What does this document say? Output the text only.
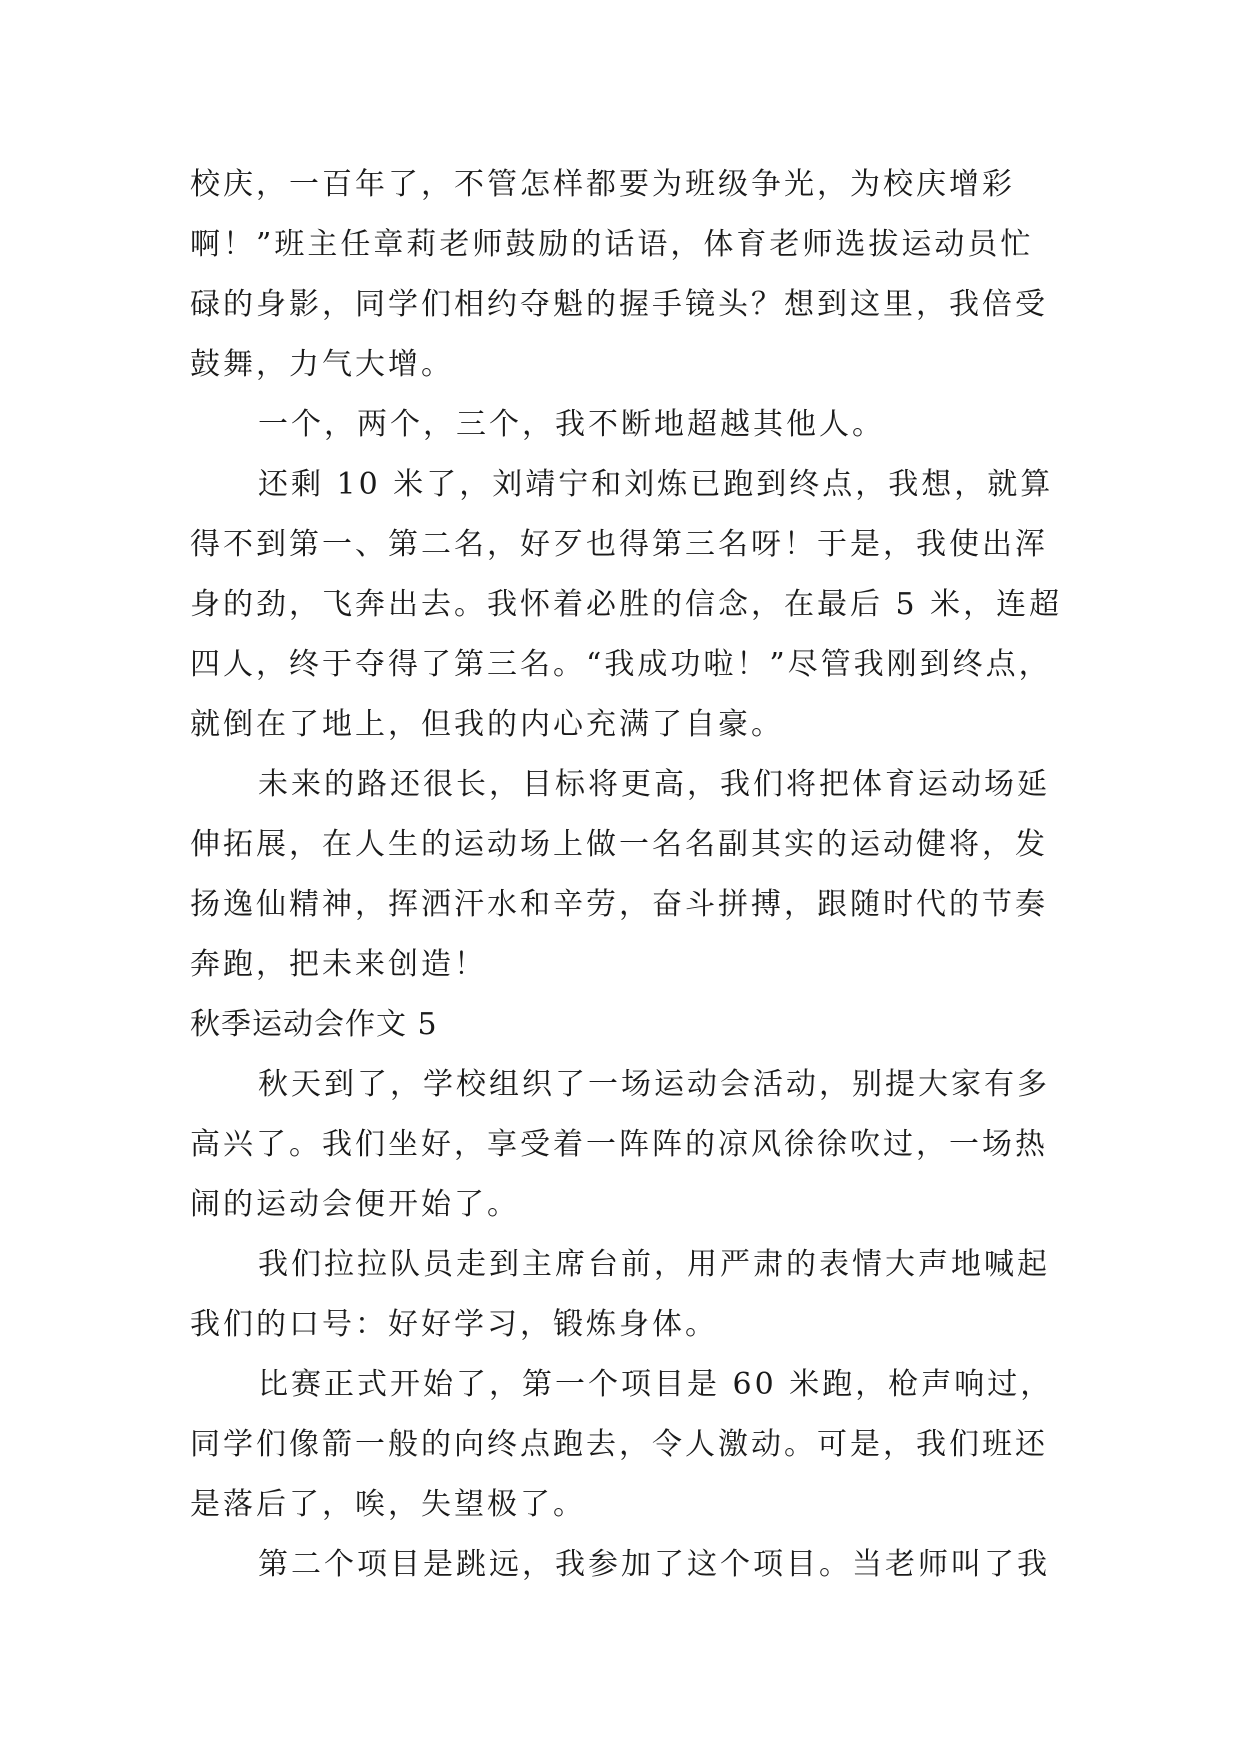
校庆，一百年了，不管怎样都要为班级争光，为校庆增彩
啊！”班主任章莉老师鼓励的话语，体育老师选拔运动员忙
碌的身影，同学们相约夺魁的握手镜头？想到这里，我倍受
鼓舞，力气大增。
一个，两个，三个，我不断地超越其他人。
还剩 10 米了，刘靖宁和刘炼已跑到终点，我想，就算
得不到第一、第二名，好歹也得第三名呀！于是，我使出浑
身的劲，飞奔出去。我怀着必胜的信念，在最后 5 米，连超
四人，终于夺得了第三名。“我成功啦！”尽管我刚到终点，
就倒在了地上，但我的内心充满了自豪。
未来的路还很长，目标将更高，我们将把体育运动场延
伸拓展，在人生的运动场上做一名名副其实的运动健将，发
扬逸仙精神，挥洒汗水和辛劳，奋斗拼搏，跟随时代的节奏
奔跑，把未来创造！
秋季运动会作文 5
秋天到了，学校组织了一场运动会活动，别提大家有多
高兴了。我们坐好，享受着一阵阵的凉风徐徐吹过，一场热
闹的运动会便开始了。
我们拉拉队员走到主席台前，用严肃的表情大声地喊起
我们的口号：好好学习，锻炼身体。
比赛正式开始了，第一个项目是 60 米跑，枪声响过，
同学们像箭一般的向终点跑去，令人激动。可是，我们班还
是落后了，唉，失望极了。
第二个项目是跳远，我参加了这个项目。当老师叫了我
